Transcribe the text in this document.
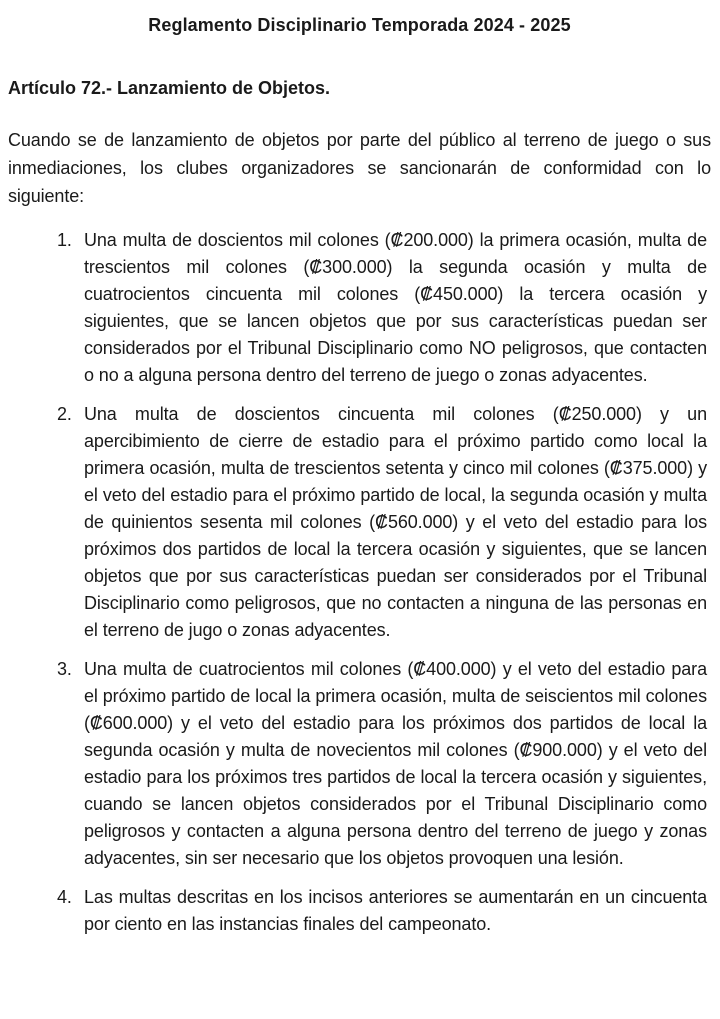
Reglamento Disciplinario Temporada 2024 - 2025
Artículo 72.- Lanzamiento de Objetos.

Cuando se de lanzamiento de objetos por parte del público al terreno de juego o sus inmediaciones, los clubes organizadores se sancionarán de conformidad con lo siguiente:

1. Una multa de doscientos mil colones (₡200.000) la primera ocasión, multa de trescientos mil colones (₡300.000) la segunda ocasión y multa de cuatrocientos cincuenta mil colones (₡450.000) la tercera ocasión y siguientes, que se lancen objetos que por sus características puedan ser considerados por el Tribunal Disciplinario como NO peligrosos, que contacten o no a alguna persona dentro del terreno de juego o zonas adyacentes.
2. Una multa de doscientos cincuenta mil colones (₡250.000) y un apercibimiento de cierre de estadio para el próximo partido como local la primera ocasión, multa de trescientos setenta y cinco mil colones (₡375.000) y el veto del estadio para el próximo partido de local, la segunda ocasión y multa de quinientos sesenta mil colones (₡560.000) y el veto del estadio para los próximos dos partidos de local la tercera ocasión y siguientes, que se lancen objetos que por sus características puedan ser considerados por el Tribunal Disciplinario como peligrosos, que no contacten a ninguna de las personas en el terreno de jugo o zonas adyacentes.
3. Una multa de cuatrocientos mil colones (₡400.000) y el veto del estadio para el próximo partido de local la primera ocasión, multa de seiscientos mil colones (₡600.000) y el veto del estadio para los próximos dos partidos de local la segunda ocasión y multa de novecientos mil colones (₡900.000) y el veto del estadio para los próximos tres partidos de local la tercera ocasión y siguientes, cuando se lancen objetos considerados por el Tribunal Disciplinario como peligrosos y contacten a alguna persona dentro del terreno de juego y zonas adyacentes, sin ser necesario que los objetos provoquen una lesión.
4. Las multas descritas en los incisos anteriores se aumentarán en un cincuenta por ciento en las instancias finales del campeonato.
